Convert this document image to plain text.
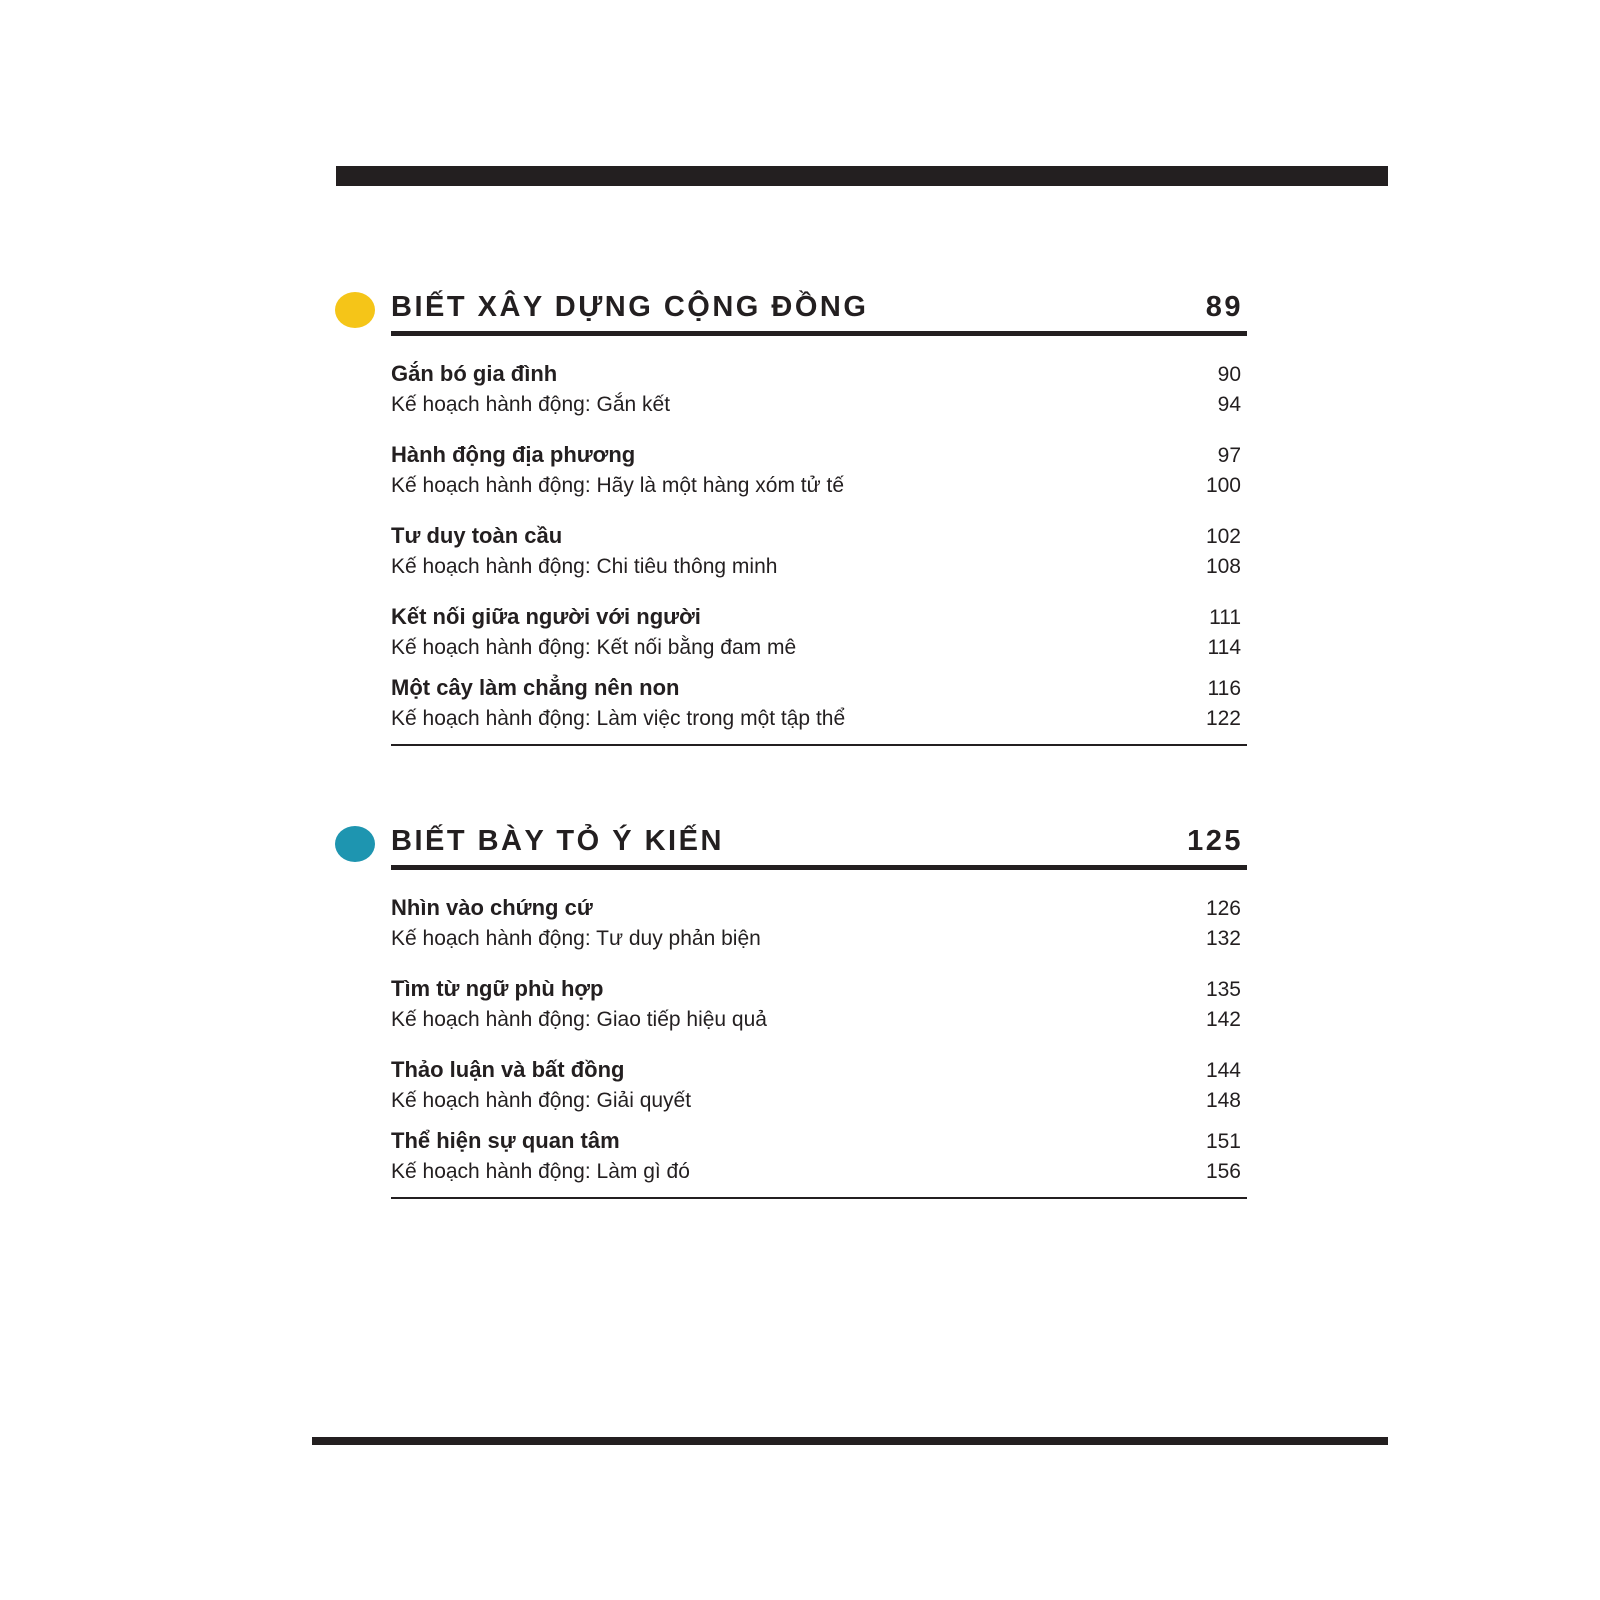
BIẾT XÂY DỰNG CỘNG ĐỒNG	89
Gắn bó gia đình	90
Kế hoạch hành động: Gắn kết	94
Hành động địa phương	97
Kế hoạch hành động: Hãy là một hàng xóm tử tế	100
Tư duy toàn cầu	102
Kế hoạch hành động: Chi tiêu thông minh	108
Kết nối giữa người với người	111
Kế hoạch hành động: Kết nối bằng đam mê	114
Một cây làm chẳng nên non	116
Kế hoạch hành động: Làm việc trong một tập thể	122
BIẾT BÀY TỎ Ý KIẾN	125
Nhìn vào chứng cứ	126
Kế hoạch hành động: Tư duy phản biện	132
Tìm từ ngữ phù hợp	135
Kế hoạch hành động: Giao tiếp hiệu quả	142
Thảo luận và bất đồng	144
Kế hoạch hành động: Giải quyết	148
Thể hiện sự quan tâm	151
Kế hoạch hành động: Làm gì đó	156
